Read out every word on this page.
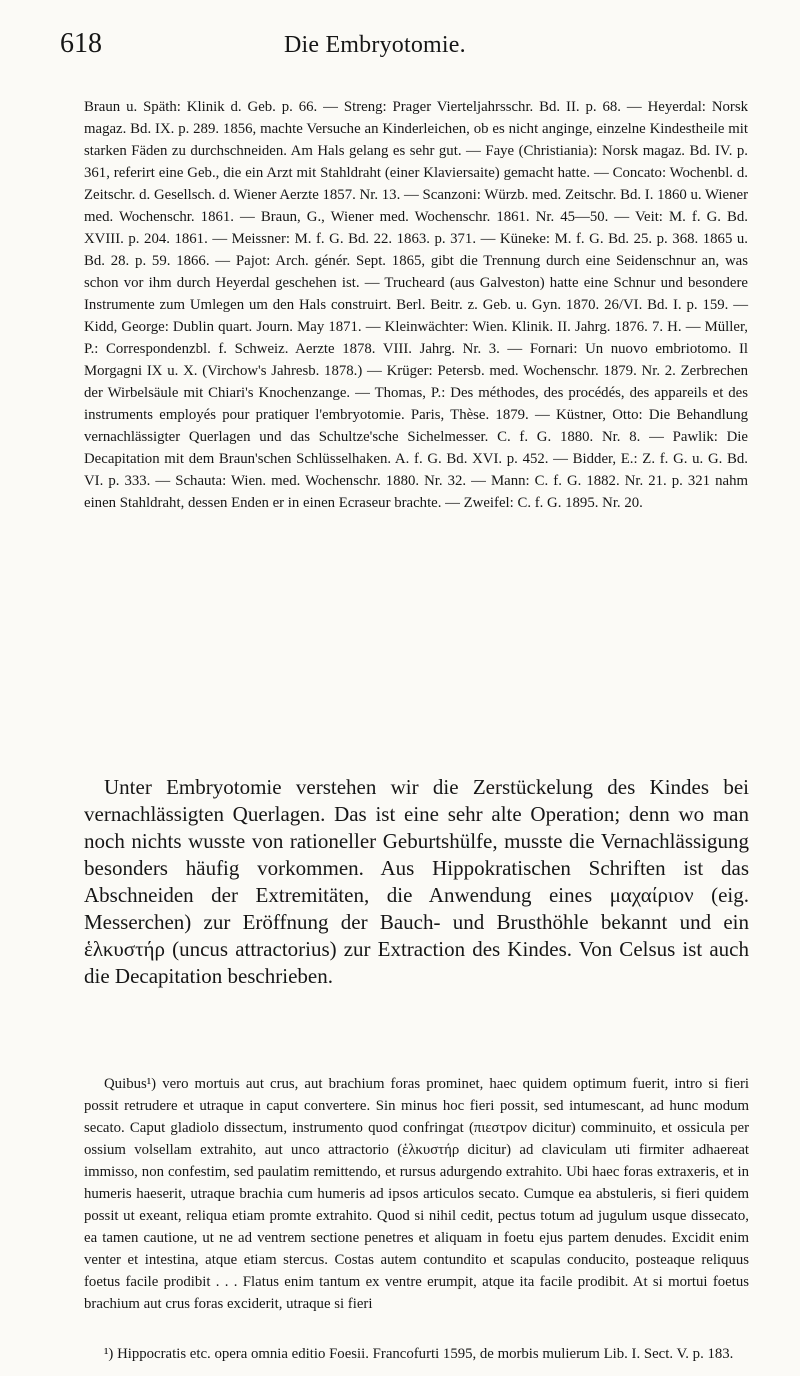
618	Die Embryotomie.

Braun u. Späth: Klinik d. Geb. p. 66. — Streng: Prager Vierteljahrsschr. Bd. II. p. 68. — Heyerdal: Norsk magaz. Bd. IX. p. 289. 1856, machte Versuche an Kinderleichen, ob es nicht anginge, einzelne Kindestheile mit starken Fäden zu durchschneiden. Am Hals gelang es sehr gut. — Faye (Christiania): Norsk magaz. Bd. IV. p. 361, referirt eine Geb., die ein Arzt mit Stahldraht (einer Klaviersaite) gemacht hatte. — Concato: Wochenbl. d. Zeitschr. d. Gesellsch. d. Wiener Aerzte 1857. Nr. 13. — Scanzoni: Würzb. med. Zeitschr. Bd. I. 1860 u. Wiener med. Wochenschr. 1861. — Braun, G., Wiener med. Wochenschr. 1861. Nr. 45—50. — Veit: M. f. G. Bd. XVIII. p. 204. 1861. — Meissner: M. f. G. Bd. 22. 1863. p. 371. — Küneke: M. f. G. Bd. 25. p. 368. 1865 u. Bd. 28. p. 59. 1866. — Pajot: Arch. génér. Sept. 1865, gibt die Trennung durch eine Seidenschnur an, was schon vor ihm durch Heyerdal geschehen ist. — Trucheard (aus Galveston) hatte eine Schnur und besondere Instrumente zum Umlegen um den Hals construirt. Berl. Beitr. z. Geb. u. Gyn. 1870. 26/VI. Bd. I. p. 159. — Kidd, George: Dublin quart. Journ. May 1871. — Kleinwächter: Wien. Klinik. II. Jahrg. 1876. 7. H. — Müller, P.: Correspondenzbl. f. Schweiz. Aerzte 1878. VIII. Jahrg. Nr. 3. — Fornari: Un nuovo embriotomo. Il Morgagni IX u. X. (Virchow's Jahresb. 1878.) — Krüger: Petersb. med. Wochenschr. 1879. Nr. 2. Zerbrechen der Wirbelsäule mit Chiari's Knochenzange. — Thomas, P.: Des méthodes, des procédés, des appareils et des instruments employés pour pratiquer l'embryotomie. Paris, Thèse. 1879. — Küstner, Otto: Die Behandlung vernachlässigter Querlagen und das Schultze'sche Sichelmesser. C. f. G. 1880. Nr. 8. — Pawlik: Die Decapitation mit dem Braun'schen Schlüsselhaken. A. f. G. Bd. XVI. p. 452. — Bidder, E.: Z. f. G. u. G. Bd. VI. p. 333. — Schauta: Wien. med. Wochenschr. 1880. Nr. 32. — Mann: C. f. G. 1882. Nr. 21. p. 321 nahm einen Stahldraht, dessen Enden er in einen Ecraseur brachte. — Zweifel: C. f. G. 1895. Nr. 20.

Unter Embryotomie verstehen wir die Zerstückelung des Kindes bei vernachlässigten Querlagen. Das ist eine sehr alte Operation; denn wo man noch nichts wusste von rationeller Geburtshülfe, musste die Vernachlässigung besonders häufig vorkommen. Aus Hippokratischen Schriften ist das Abschneiden der Extremitäten, die Anwendung eines μαχαίριον (eig. Messerchen) zur Eröffnung der Bauch- und Brusthöhle bekannt und ein ἑλκυστήρ (uncus attractorius) zur Extraction des Kindes. Von Celsus ist auch die Decapitation beschrieben.

Quibus¹) vero mortuis aut crus, aut brachium foras prominet, haec quidem optimum fuerit, intro si fieri possit retrudere et utraque in caput convertere. Sin minus hoc fieri possit, sed intumescant, ad hunc modum secato. Caput gladiolo dissectum, instrumento quod confringat (πιεστρον dicitur) comminuito, et ossicula per ossium volsellam extrahito, aut unco attractorio (ἑλκυστήρ dicitur) ad claviculam uti firmiter adhaereat immisso, non confestim, sed paulatim remittendo, et rursus adurgendo extrahito. Ubi haec foras extraxeris, et in humeris haeserit, utraque brachia cum humeris ad ipsos articulos secato. Cumque ea abstuleris, si fieri quidem possit ut exeant, reliqua etiam promte extrahito. Quod si nihil cedit, pectus totum ad jugulum usque dissecato, ea tamen cautione, ut ne ad ventrem sectione penetres et aliquam in foetu ejus partem denudes. Excidit enim venter et intestina, atque etiam stercus. Costas autem contundito et scapulas conducito, posteaque reliquus foetus facile prodibit . . . Flatus enim tantum ex ventre erumpit, atque ita facile prodibit. At si mortui foetus brachium aut crus foras exciderit, utraque si fieri

¹) Hippocratis etc. opera omnia editio Foesii. Francofurti 1595, de morbis mulierum Lib. I. Sect. V. p. 183.
